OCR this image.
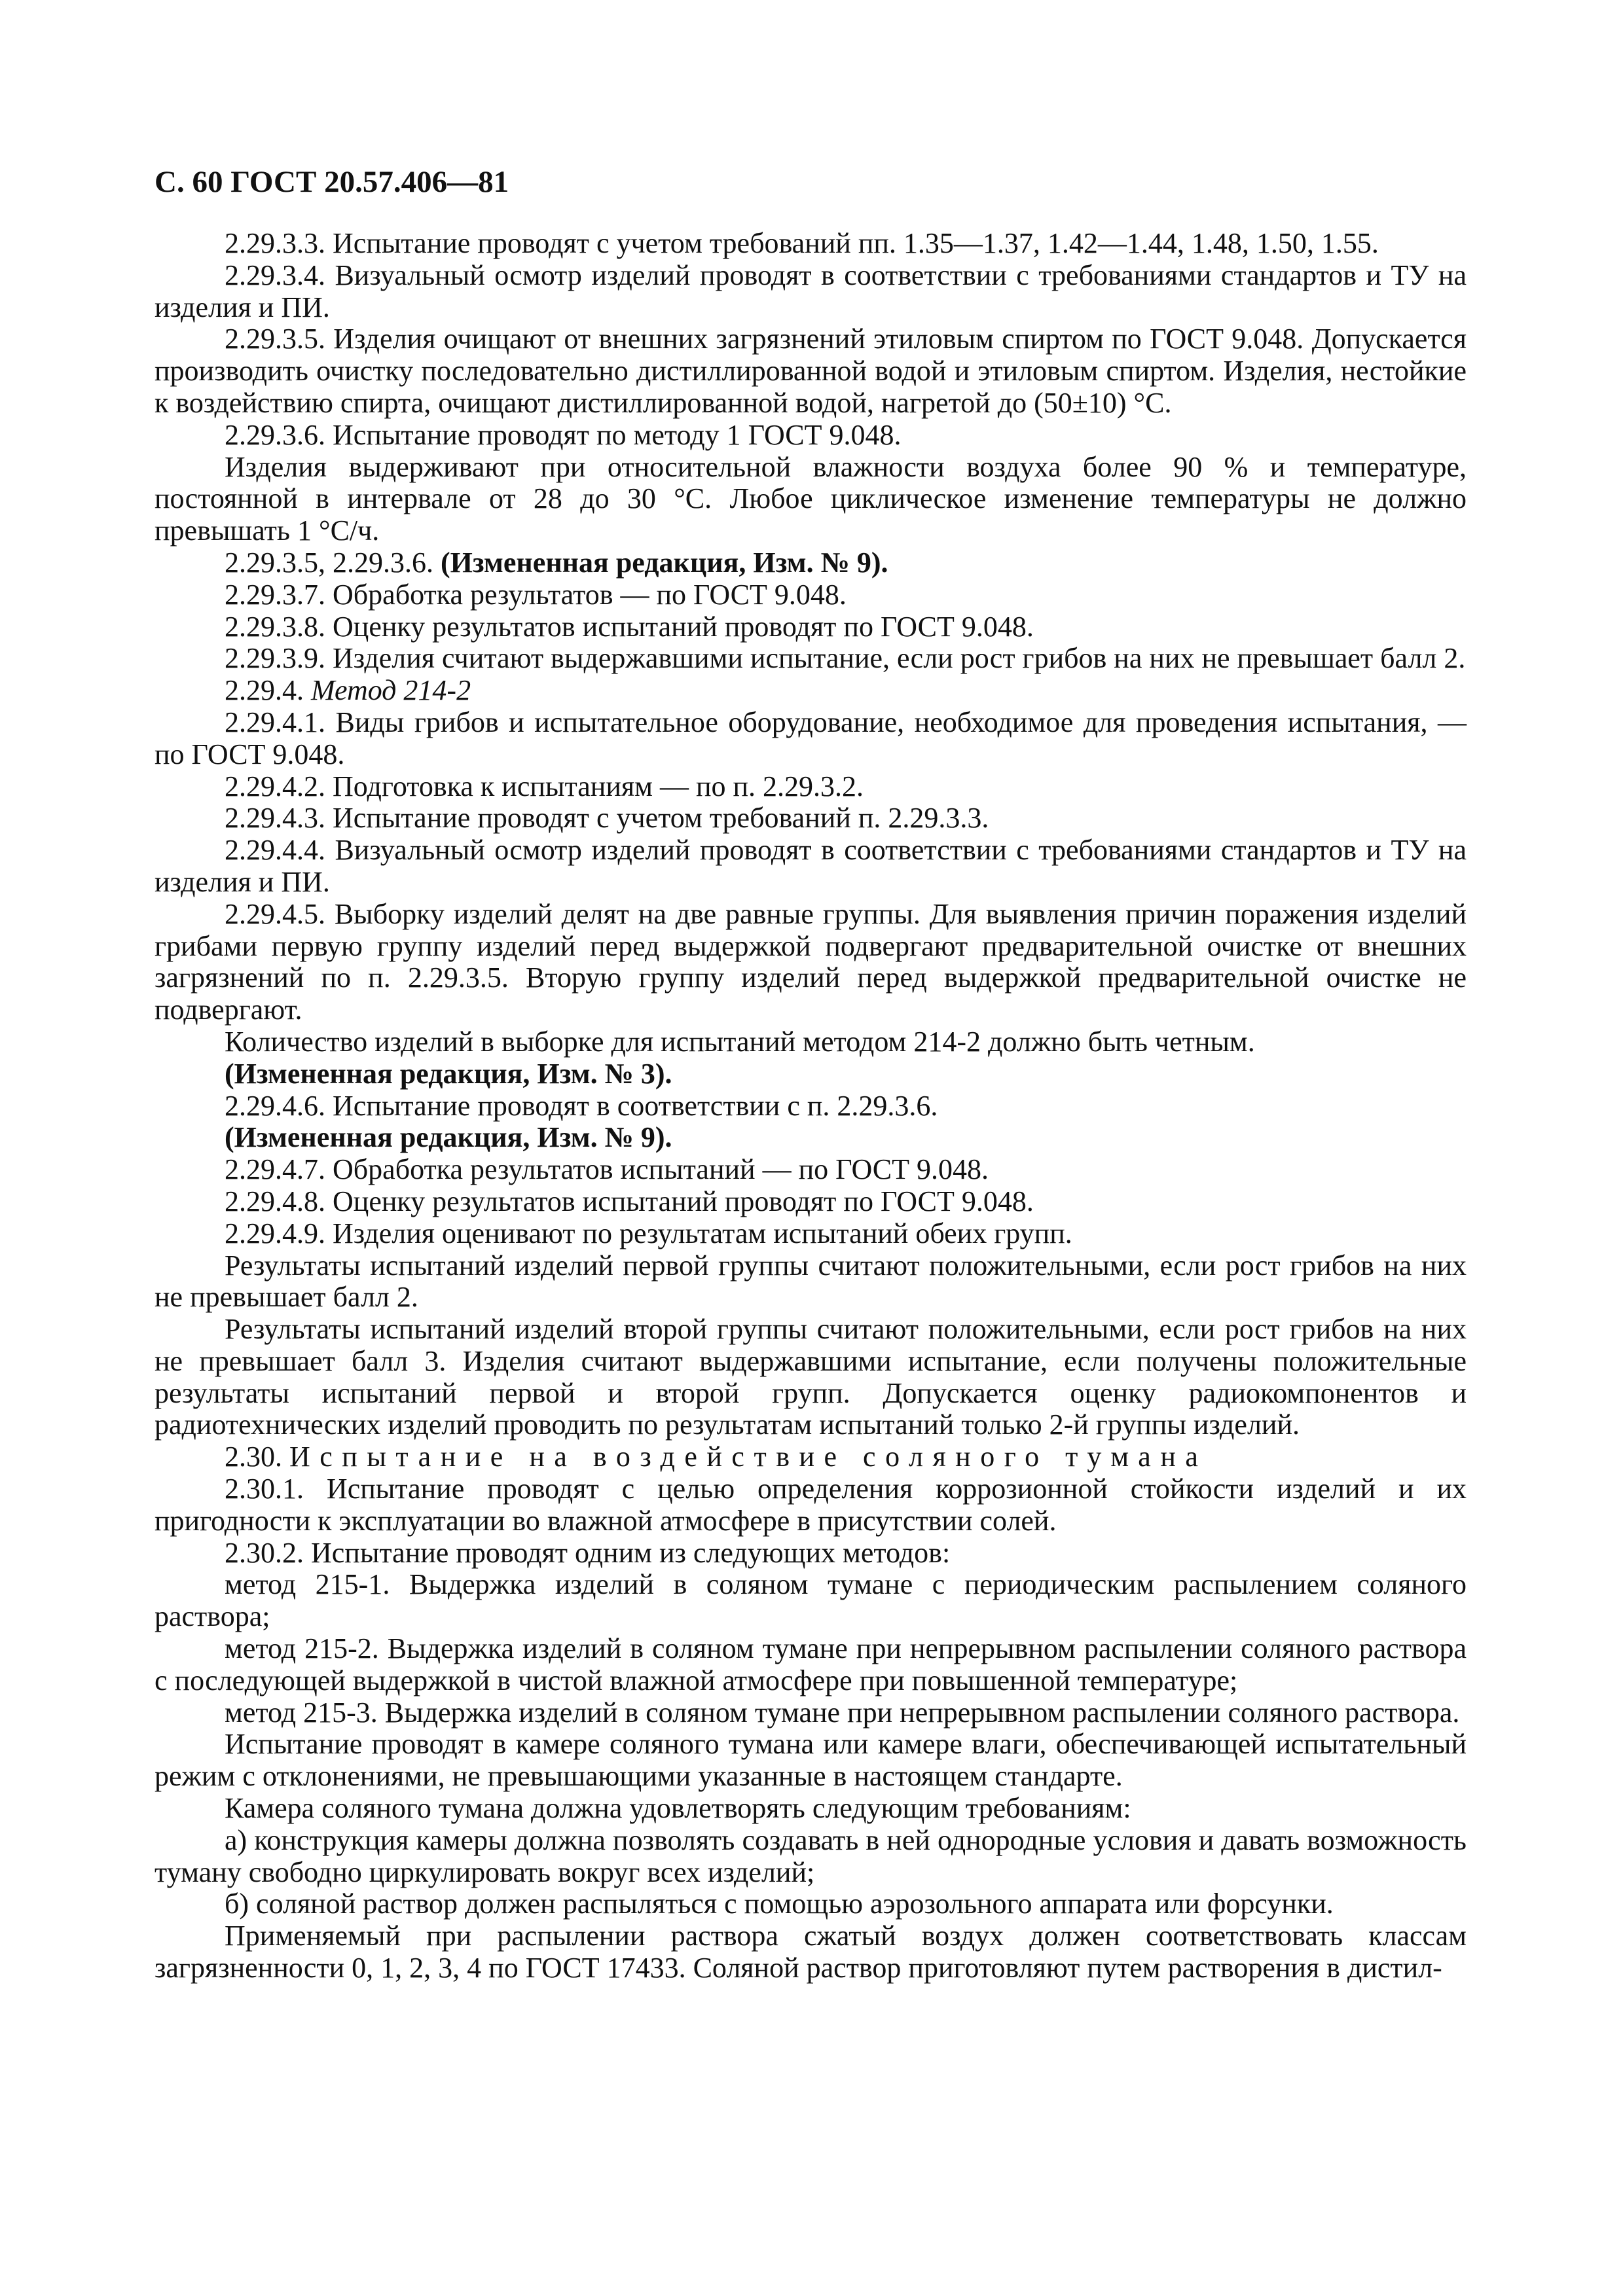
С. 60 ГОСТ 20.57.406—81

2.29.3.3. Испытание проводят с учетом требований пп. 1.35—1.37, 1.42—1.44, 1.48, 1.50, 1.55.

2.29.3.4. Визуальный осмотр изделий проводят в соответствии с требованиями стандартов и ТУ на изделия и ПИ.

2.29.3.5. Изделия очищают от внешних загрязнений этиловым спиртом по ГОСТ 9.048. Допускается производить очистку последовательно дистиллированной водой и этиловым спиртом. Изделия, нестойкие к воздействию спирта, очищают дистиллированной водой, нагретой до (50±10) °С.

2.29.3.6. Испытание проводят по методу 1 ГОСТ 9.048.

Изделия выдерживают при относительной влажности воздуха более 90 % и температуре, постоянной в интервале от 28 до 30 °С. Любое циклическое изменение температуры не должно превышать 1 °С/ч.

2.29.3.5, 2.29.3.6. (Измененная редакция, Изм. № 9).

2.29.3.7. Обработка результатов — по ГОСТ 9.048.

2.29.3.8. Оценку результатов испытаний проводят по ГОСТ 9.048.

2.29.3.9. Изделия считают выдержавшими испытание, если рост грибов на них не превышает балл 2.

2.29.4. Метод 214-2

2.29.4.1. Виды грибов и испытательное оборудование, необходимое для проведения испытания, — по ГОСТ 9.048.

2.29.4.2. Подготовка к испытаниям — по п. 2.29.3.2.

2.29.4.3. Испытание проводят с учетом требований п. 2.29.3.3.

2.29.4.4. Визуальный осмотр изделий проводят в соответствии с требованиями стандартов и ТУ на изделия и ПИ.

2.29.4.5. Выборку изделий делят на две равные группы. Для выявления причин поражения изделий грибами первую группу изделий перед выдержкой подвергают предварительной очистке от внешних загрязнений по п. 2.29.3.5. Вторую группу изделий перед выдержкой предварительной очистке не подвергают.

Количество изделий в выборке для испытаний методом 214-2 должно быть четным.

(Измененная редакция, Изм. № 3).

2.29.4.6. Испытание проводят в соответствии с п. 2.29.3.6.

(Измененная редакция, Изм. № 9).

2.29.4.7. Обработка результатов испытаний — по ГОСТ 9.048.

2.29.4.8. Оценку результатов испытаний проводят по ГОСТ 9.048.

2.29.4.9. Изделия оценивают по результатам испытаний обеих групп.

Результаты испытаний изделий первой группы считают положительными, если рост грибов на них не превышает балл 2.

Результаты испытаний изделий второй группы считают положительными, если рост грибов на них не превышает балл 3. Изделия считают выдержавшими испытание, если получены положительные результаты испытаний первой и второй групп. Допускается оценку радиокомпонентов и радиотехнических изделий проводить по результатам испытаний только 2-й группы изделий.

2.30. Испытание на воздействие соляного тумана

2.30.1. Испытание проводят с целью определения коррозионной стойкости изделий и их пригодности к эксплуатации во влажной атмосфере в присутствии солей.

2.30.2. Испытание проводят одним из следующих методов:

метод 215-1. Выдержка изделий в соляном тумане с периодическим распылением соляного раствора;

метод 215-2. Выдержка изделий в соляном тумане при непрерывном распылении соляного раствора с последующей выдержкой в чистой влажной атмосфере при повышенной температуре;

метод 215-3. Выдержка изделий в соляном тумане при непрерывном распылении соляного раствора.

Испытание проводят в камере соляного тумана или камере влаги, обеспечивающей испытательный режим с отклонениями, не превышающими указанные в настоящем стандарте.

Камера соляного тумана должна удовлетворять следующим требованиям:

а) конструкция камеры должна позволять создавать в ней однородные условия и давать возможность туману свободно циркулировать вокруг всех изделий;

б) соляной раствор должен распыляться с помощью аэрозольного аппарата или форсунки.

Применяемый при распылении раствора сжатый воздух должен соответствовать классам загрязненности 0, 1, 2, 3, 4 по ГОСТ 17433. Соляной раствор приготовляют путем растворения в дистил-
